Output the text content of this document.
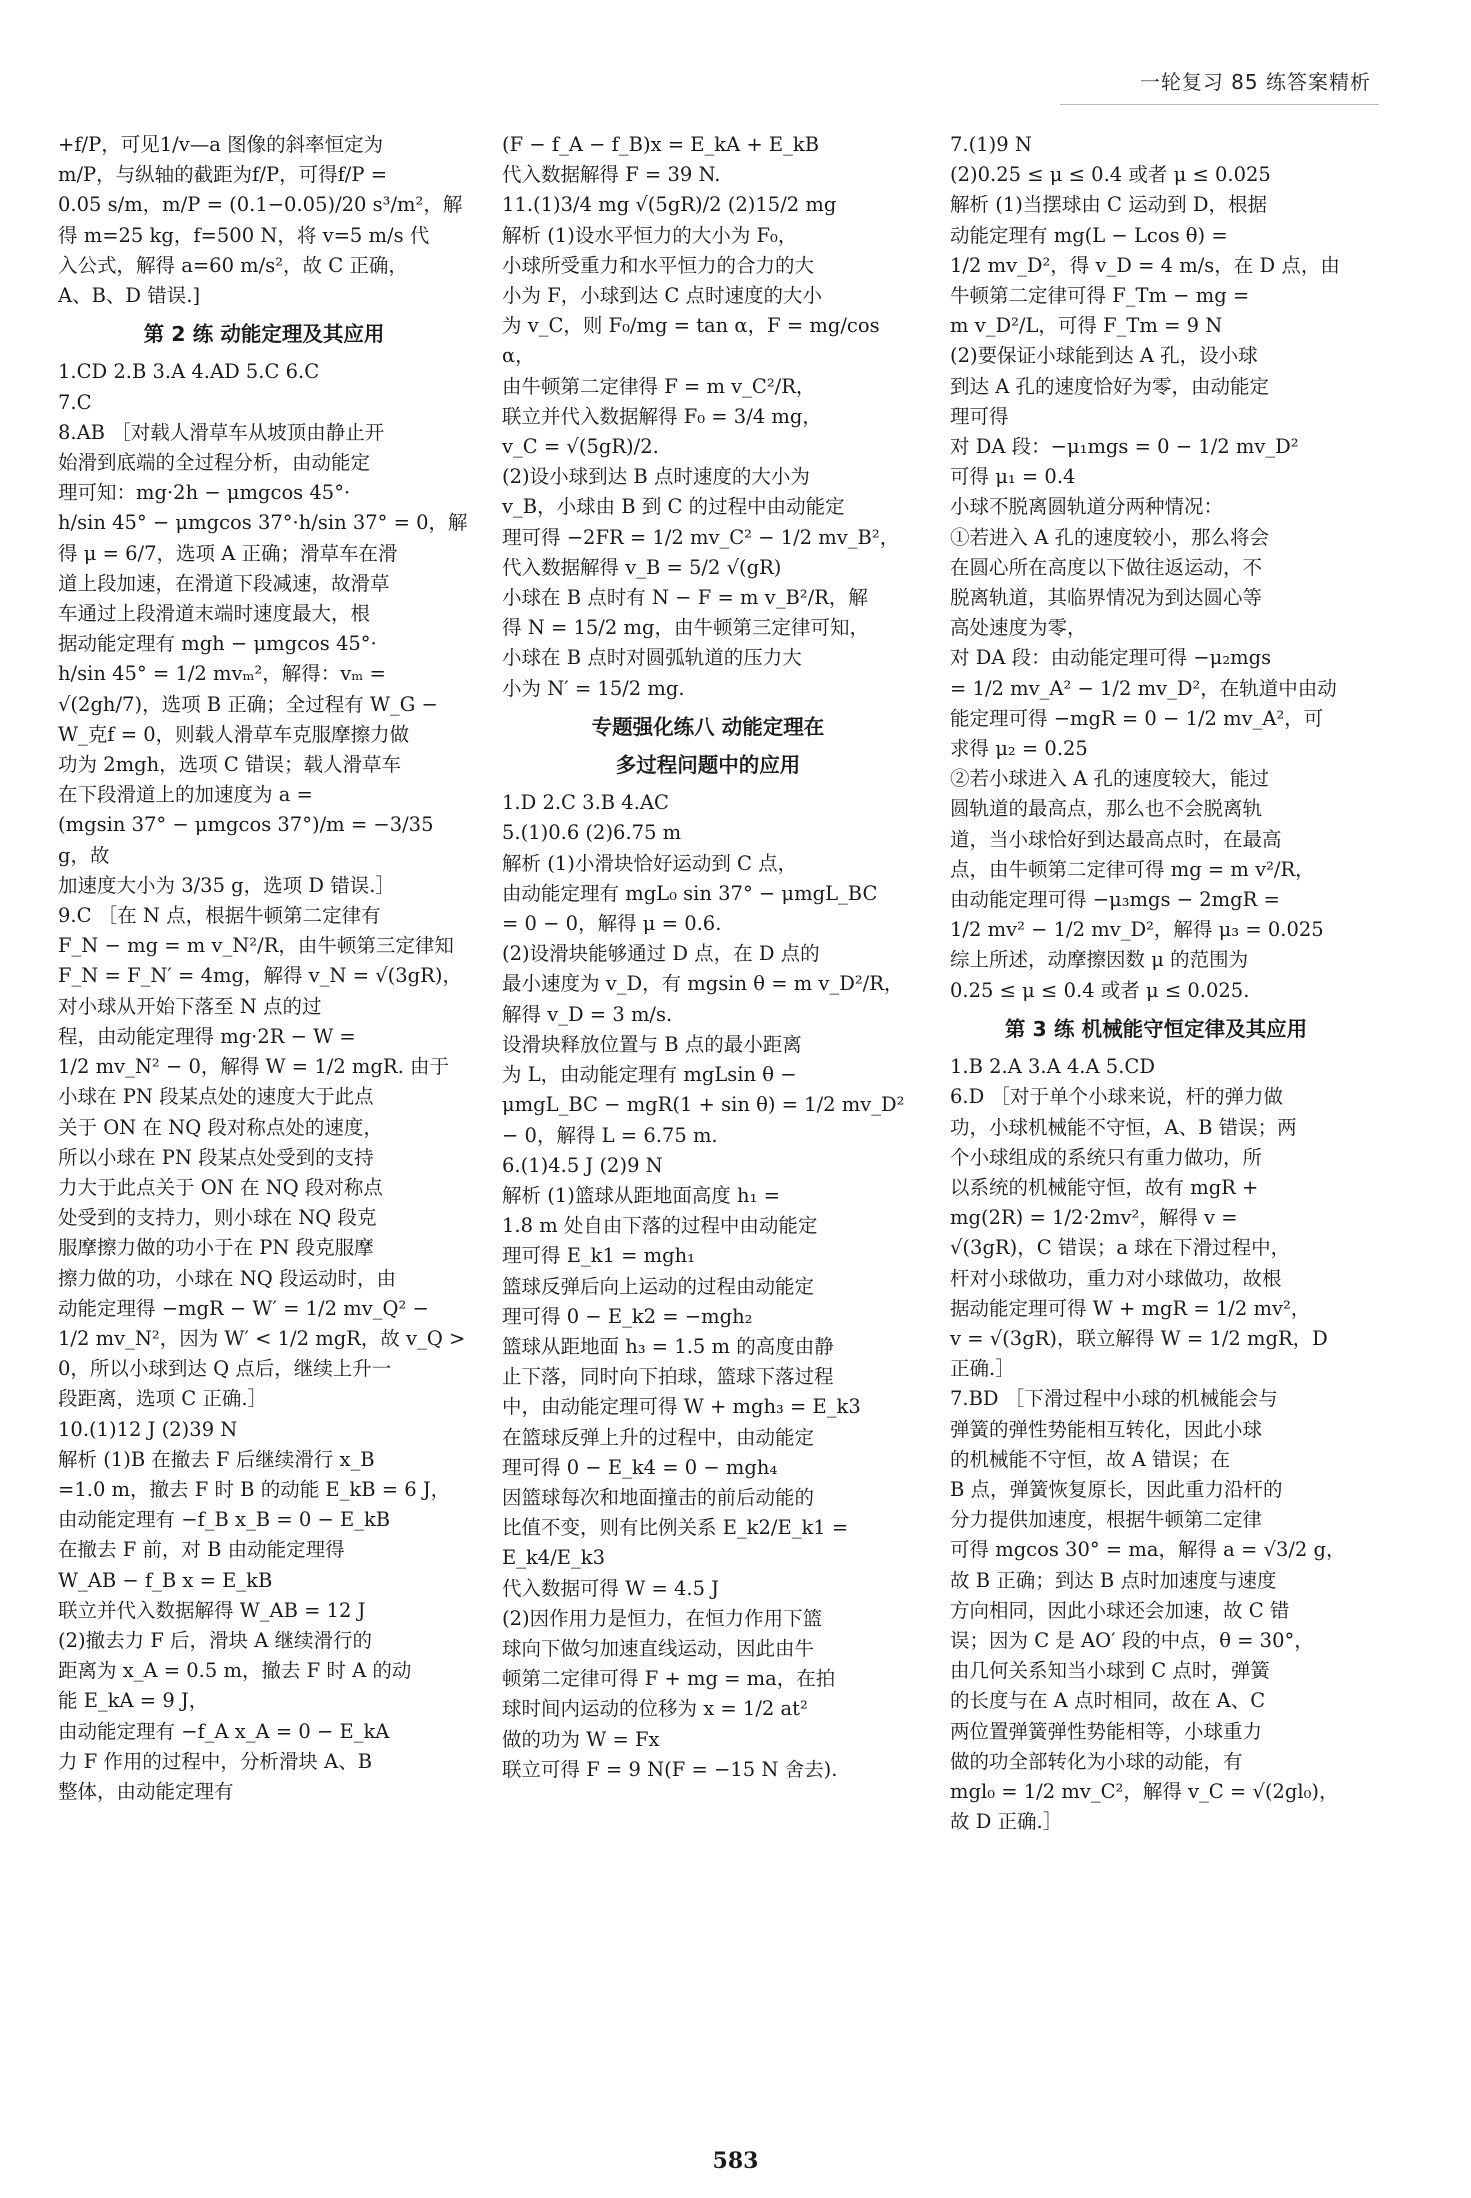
一轮复习 85 练答案精析

+f/P，可见1/v—a 图像的斜率恒定为

m/P，与纵轴的截距为f/P，可得f/P =

0.05 s/m，m/P = (0.1−0.05)/20 s³/m²，解

得 m=25 kg，f=500 N，将 v=5 m/s 代

入公式，解得 a=60 m/s²，故 C 正确，

A、B、D 错误.]

第 2 练 动能定理及其应用

1.CD 2.B 3.A 4.AD 5.C 6.C

7.C

8.AB ［对载人滑草车从坡顶由静止开

始滑到底端的全过程分析，由动能定

理可知：mg·2h − μmgcos 45°·

h/sin 45° − μmgcos 37°·h/sin 37° = 0，解

得 μ = 6/7，选项 A 正确；滑草车在滑

道上段加速，在滑道下段减速，故滑草

车通过上段滑道末端时速度最大，根

据动能定理有 mgh − μmgcos 45°·

h/sin 45° = 1/2 mvₘ²，解得：vₘ =

√(2gh/7)，选项 B 正确；全过程有 W_G −

W_克f = 0，则载人滑草车克服摩擦力做

功为 2mgh，选项 C 错误；载人滑草车

在下段滑道上的加速度为 a =

(mgsin 37° − μmgcos 37°)/m = −3/35 g，故

加速度大小为 3/35 g，选项 D 错误.］

9.C ［在 N 点，根据牛顿第二定律有

F_N − mg = m v_N²/R，由牛顿第三定律知

F_N = F_N′ = 4mg，解得 v_N = √(3gR)，

对小球从开始下落至 N 点的过

程，由动能定理得 mg·2R − W =

1/2 mv_N² − 0，解得 W = 1/2 mgR. 由于

小球在 PN 段某点处的速度大于此点

关于 ON 在 NQ 段对称点处的速度，

所以小球在 PN 段某点处受到的支持

力大于此点关于 ON 在 NQ 段对称点

处受到的支持力，则小球在 NQ 段克

服摩擦力做的功小于在 PN 段克服摩

擦力做的功，小球在 NQ 段运动时，由

动能定理得 −mgR − W′ = 1/2 mv_Q² −

1/2 mv_N²，因为 W′ < 1/2 mgR，故 v_Q >

0，所以小球到达 Q 点后，继续上升一

段距离，选项 C 正确.］

10.(1)12 J (2)39 N

解析 (1)B 在撤去 F 后继续滑行 x_B

=1.0 m，撤去 F 时 B 的动能 E_kB = 6 J，

由动能定理有 −f_B x_B = 0 − E_kB

在撤去 F 前，对 B 由动能定理得

W_AB − f_B x = E_kB

联立并代入数据解得 W_AB = 12 J

(2)撤去力 F 后，滑块 A 继续滑行的

距离为 x_A = 0.5 m，撤去 F 时 A 的动

能 E_kA = 9 J，

由动能定理有 −f_A x_A = 0 − E_kA

力 F 作用的过程中，分析滑块 A、B

整体，由动能定理有

(F − f_A − f_B)x = E_kA + E_kB

代入数据解得 F = 39 N.

11.(1)3/4 mg √(5gR)/2 (2)15/2 mg

解析 (1)设水平恒力的大小为 F₀，

小球所受重力和水平恒力的合力的大

小为 F，小球到达 C 点时速度的大小

为 v_C，则 F₀/mg = tan α，F = mg/cos α，

由牛顿第二定律得 F = m v_C²/R，

联立并代入数据解得 F₀ = 3/4 mg，

v_C = √(5gR)/2.

(2)设小球到达 B 点时速度的大小为

v_B，小球由 B 到 C 的过程中由动能定

理可得 −2FR = 1/2 mv_C² − 1/2 mv_B²，

代入数据解得 v_B = 5/2 √(gR)

小球在 B 点时有 N − F = m v_B²/R，解

得 N = 15/2 mg，由牛顿第三定律可知，

小球在 B 点时对圆弧轨道的压力大

小为 N′ = 15/2 mg.

专题强化练八 动能定理在
多过程问题中的应用

1.D 2.C 3.B 4.AC

5.(1)0.6 (2)6.75 m

解析 (1)小滑块恰好运动到 C 点，

由动能定理有 mgL₀ sin 37° − μmgL_BC

= 0 − 0，解得 μ = 0.6.

(2)设滑块能够通过 D 点，在 D 点的

最小速度为 v_D，有 mgsin θ = m v_D²/R，

解得 v_D = 3 m/s.

设滑块释放位置与 B 点的最小距离

为 L，由动能定理有 mgLsin θ −

μmgL_BC − mgR(1 + sin θ) = 1/2 mv_D²

− 0，解得 L = 6.75 m.

6.(1)4.5 J (2)9 N

解析 (1)篮球从距地面高度 h₁ =

1.8 m 处自由下落的过程中由动能定

理可得 E_k1 = mgh₁

篮球反弹后向上运动的过程由动能定

理可得 0 − E_k2 = −mgh₂

篮球从距地面 h₃ = 1.5 m 的高度由静

止下落，同时向下拍球，篮球下落过程

中，由动能定理可得 W + mgh₃ = E_k3

在篮球反弹上升的过程中，由动能定

理可得 0 − E_k4 = 0 − mgh₄

因篮球每次和地面撞击的前后动能的

比值不变，则有比例关系 E_k2/E_k1 = E_k4/E_k3

代入数据可得 W = 4.5 J

(2)因作用力是恒力，在恒力作用下篮

球向下做匀加速直线运动，因此由牛

顿第二定律可得 F + mg = ma，在拍

球时间内运动的位移为 x = 1/2 at²

做的功为 W = Fx

联立可得 F = 9 N(F = −15 N 舍去).

7.(1)9 N

(2)0.25 ≤ μ ≤ 0.4 或者 μ ≤ 0.025

解析 (1)当摆球由 C 运动到 D，根据

动能定理有 mg(L − Lcos θ) =

1/2 mv_D²，得 v_D = 4 m/s，在 D 点，由

牛顿第二定律可得 F_Tm − mg =

m v_D²/L，可得 F_Tm = 9 N

(2)要保证小球能到达 A 孔，设小球

到达 A 孔的速度恰好为零，由动能定

理可得

对 DA 段：−μ₁mgs = 0 − 1/2 mv_D²

可得 μ₁ = 0.4

小球不脱离圆轨道分两种情况：

①若进入 A 孔的速度较小，那么将会

在圆心所在高度以下做往返运动，不

脱离轨道，其临界情况为到达圆心等

高处速度为零，

对 DA 段：由动能定理可得 −μ₂mgs

= 1/2 mv_A² − 1/2 mv_D²，在轨道中由动

能定理可得 −mgR = 0 − 1/2 mv_A²，可

求得 μ₂ = 0.25

②若小球进入 A 孔的速度较大，能过

圆轨道的最高点，那么也不会脱离轨

道，当小球恰好到达最高点时，在最高

点，由牛顿第二定律可得 mg = m v²/R，

由动能定理可得 −μ₃mgs − 2mgR =

1/2 mv² − 1/2 mv_D²，解得 μ₃ = 0.025

综上所述，动摩擦因数 μ 的范围为

0.25 ≤ μ ≤ 0.4 或者 μ ≤ 0.025.

第 3 练 机械能守恒定律及其应用

1.B 2.A 3.A 4.A 5.CD

6.D ［对于单个小球来说，杆的弹力做

功，小球机械能不守恒，A、B 错误；两

个小球组成的系统只有重力做功，所

以系统的机械能守恒，故有 mgR +

mg(2R) = 1/2·2mv²，解得 v =

√(3gR)，C 错误；a 球在下滑过程中，

杆对小球做功，重力对小球做功，故根

据动能定理可得 W + mgR = 1/2 mv²，

v = √(3gR)，联立解得 W = 1/2 mgR，D

正确.］

7.BD ［下滑过程中小球的机械能会与

弹簧的弹性势能相互转化，因此小球

的机械能不守恒，故 A 错误；在

B 点，弹簧恢复原长，因此重力沿杆的

分力提供加速度，根据牛顿第二定律

可得 mgcos 30° = ma，解得 a = √3/2 g，

故 B 正确；到达 B 点时加速度与速度

方向相同，因此小球还会加速，故 C 错

误；因为 C 是 AO′ 段的中点，θ = 30°，

由几何关系知当小球到 C 点时，弹簧

的长度与在 A 点时相同，故在 A、C

两位置弹簧弹性势能相等，小球重力

做的功全部转化为小球的动能，有

mgl₀ = 1/2 mv_C²，解得 v_C = √(2gl₀)，

故 D 正确.］

583
